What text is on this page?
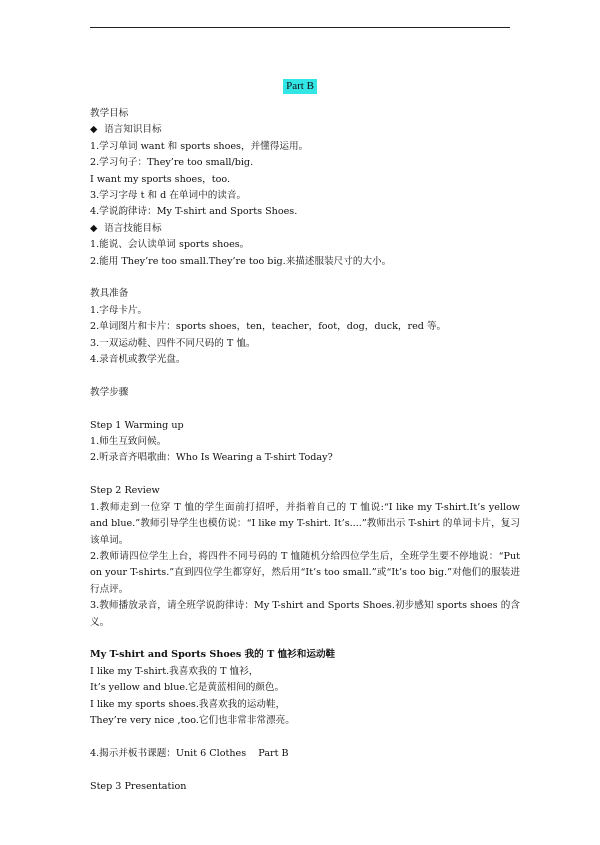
Part B
教学目标
◆ 语言知识目标
1.学习单词 want 和 sports shoes，并懂得运用。
2.学习句子：They’re too small/big.
I want my sports shoes，too.
3.学习字母 t 和 d 在单词中的读音。
4.学说韵律诗：My T-shirt and Sports Shoes.
◆ 语言技能目标
1.能说、会认读单词 sports shoes。
2.能用 They’re too small.They’re too big.来描述服装尺寸的大小。
教具准备
1.字母卡片。
2.单词图片和卡片：sports shoes，ten，teacher，foot，dog，duck，red 等。
3.一双运动鞋、四件不同尺码的 T 恤。
4.录音机或教学光盘。
教学步骤
Step 1 Warming up
1.师生互致问候。
2.听录音齐唱歌曲：Who Is Wearing a T-shirt Today?
Step 2 Review
1.教师走到一位穿 T 恤的学生面前打招呼，并指着自己的 T 恤说:“I like my T-shirt.It’s yellow and blue.”教师引导学生也模仿说：“I like my T-shirt. It’s....”教师出示 T-shirt 的单词卡片，复习该单词。
2.教师请四位学生上台，将四件不同号码的 T 恤随机分给四位学生后，全班学生要不停地说：“Put on your T-shirts.”直到四位学生都穿好，然后用“It’s too small.”或“It’s too big.”对他们的服装进行点评。
3.教师播放录音，请全班学说韵律诗：My T-shirt and Sports Shoes.初步感知 sports shoes 的含义。
My T-shirt and Sports Shoes 我的 T 恤衫和运动鞋
I like my T-shirt.我喜欢我的 T 恤衫，
It’s yellow and blue.它是黄蓝相间的颜色。
I like my sports shoes.我喜欢我的运动鞋，
They’re very nice ,too.它们也非常非常漂亮。
4.揭示并板书课题：Unit 6 Clothes    Part B
Step 3 Presentation
